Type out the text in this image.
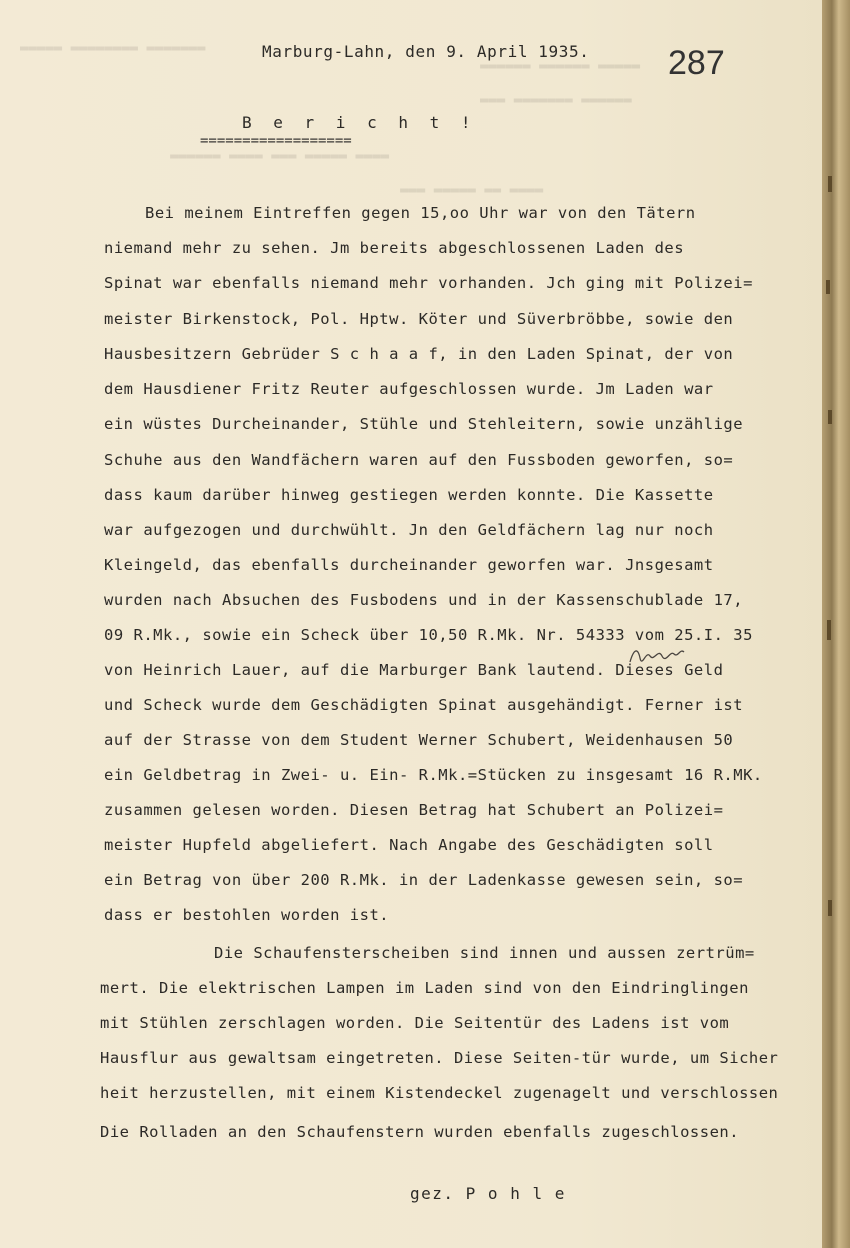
▬▬▬▬▬▬▬ ▬▬▬▬▬▬▬▬ ▬▬▬▬▬
▬▬▬▬▬ ▬▬▬▬▬▬ ▬▬▬▬▬▬
▬▬▬▬▬▬ ▬▬▬▬▬▬▬ ▬▬▬
▬▬▬▬ ▬▬▬▬▬ ▬▬▬ ▬▬▬▬ ▬▬▬▬▬▬
▬▬▬▬ ▬▬ ▬▬▬▬▬ ▬▬▬
Marburg-Lahn, den 9. April 1935. 287
B e r i c h t !
==================
Bei meinem Eintreffen gegen 15,oo Uhr war von den Tätern
niemand mehr zu sehen. Jm bereits abgeschlossenen Laden des
Spinat war ebenfalls niemand mehr vorhanden. Jch ging mit Polizei=
meister Birkenstock, Pol. Hptw. Köter und Süverbröbbe, sowie den
Hausbesitzern Gebrüder S c h a a f, in den Laden Spinat, der von
dem Hausdiener Fritz Reuter aufgeschlossen wurde. Jm Laden war
ein wüstes Durcheinander, Stühle und Stehleitern, sowie unzählige
Schuhe aus den Wandfächern waren auf den Fussboden geworfen, so=
dass kaum darüber hinweg gestiegen werden konnte. Die Kassette
war aufgezogen und durchwühlt. Jn den Geldfächern lag nur noch
Kleingeld, das ebenfalls durcheinander geworfen war. Jnsgesamt
wurden nach Absuchen des Fusbodens und in der Kassenschublade 17,
09 R.Mk., sowie ein Scheck über 10,50 R.Mk. Nr. 54333 vom 25.I. 35
von Heinrich Lauer, auf die Marburger Bank lautend. Dieses Geld
und Scheck wurde dem Geschädigten Spinat ausgehändigt. Ferner ist
auf der Strasse von dem Student Werner Schubert, Weidenhausen 50
ein Geldbetrag in Zwei- u. Ein- R.Mk.=Stücken zu insgesamt 16 R.MK.
zusammen gelesen worden. Diesen Betrag hat Schubert an Polizei=
meister Hupfeld abgeliefert. Nach Angabe des Geschädigten soll
ein Betrag von über 200 R.Mk. in der Ladenkasse gewesen sein, so=
dass er bestohlen worden ist.
Die Schaufensterscheiben sind innen und aussen zertrüm=
mert. Die elektrischen Lampen im Laden sind von den Eindringlingen
mit Stühlen zerschlagen worden. Die Seitentür des Ladens ist vom
Hausflur aus gewaltsam eingetreten. Diese Seiten-tür wurde, um Sicher
heit herzustellen, mit einem Kistendeckel zugenagelt und verschlossen
Die Rolladen an den Schaufenstern wurden ebenfalls zugeschlossen.
gez. P o h l e
